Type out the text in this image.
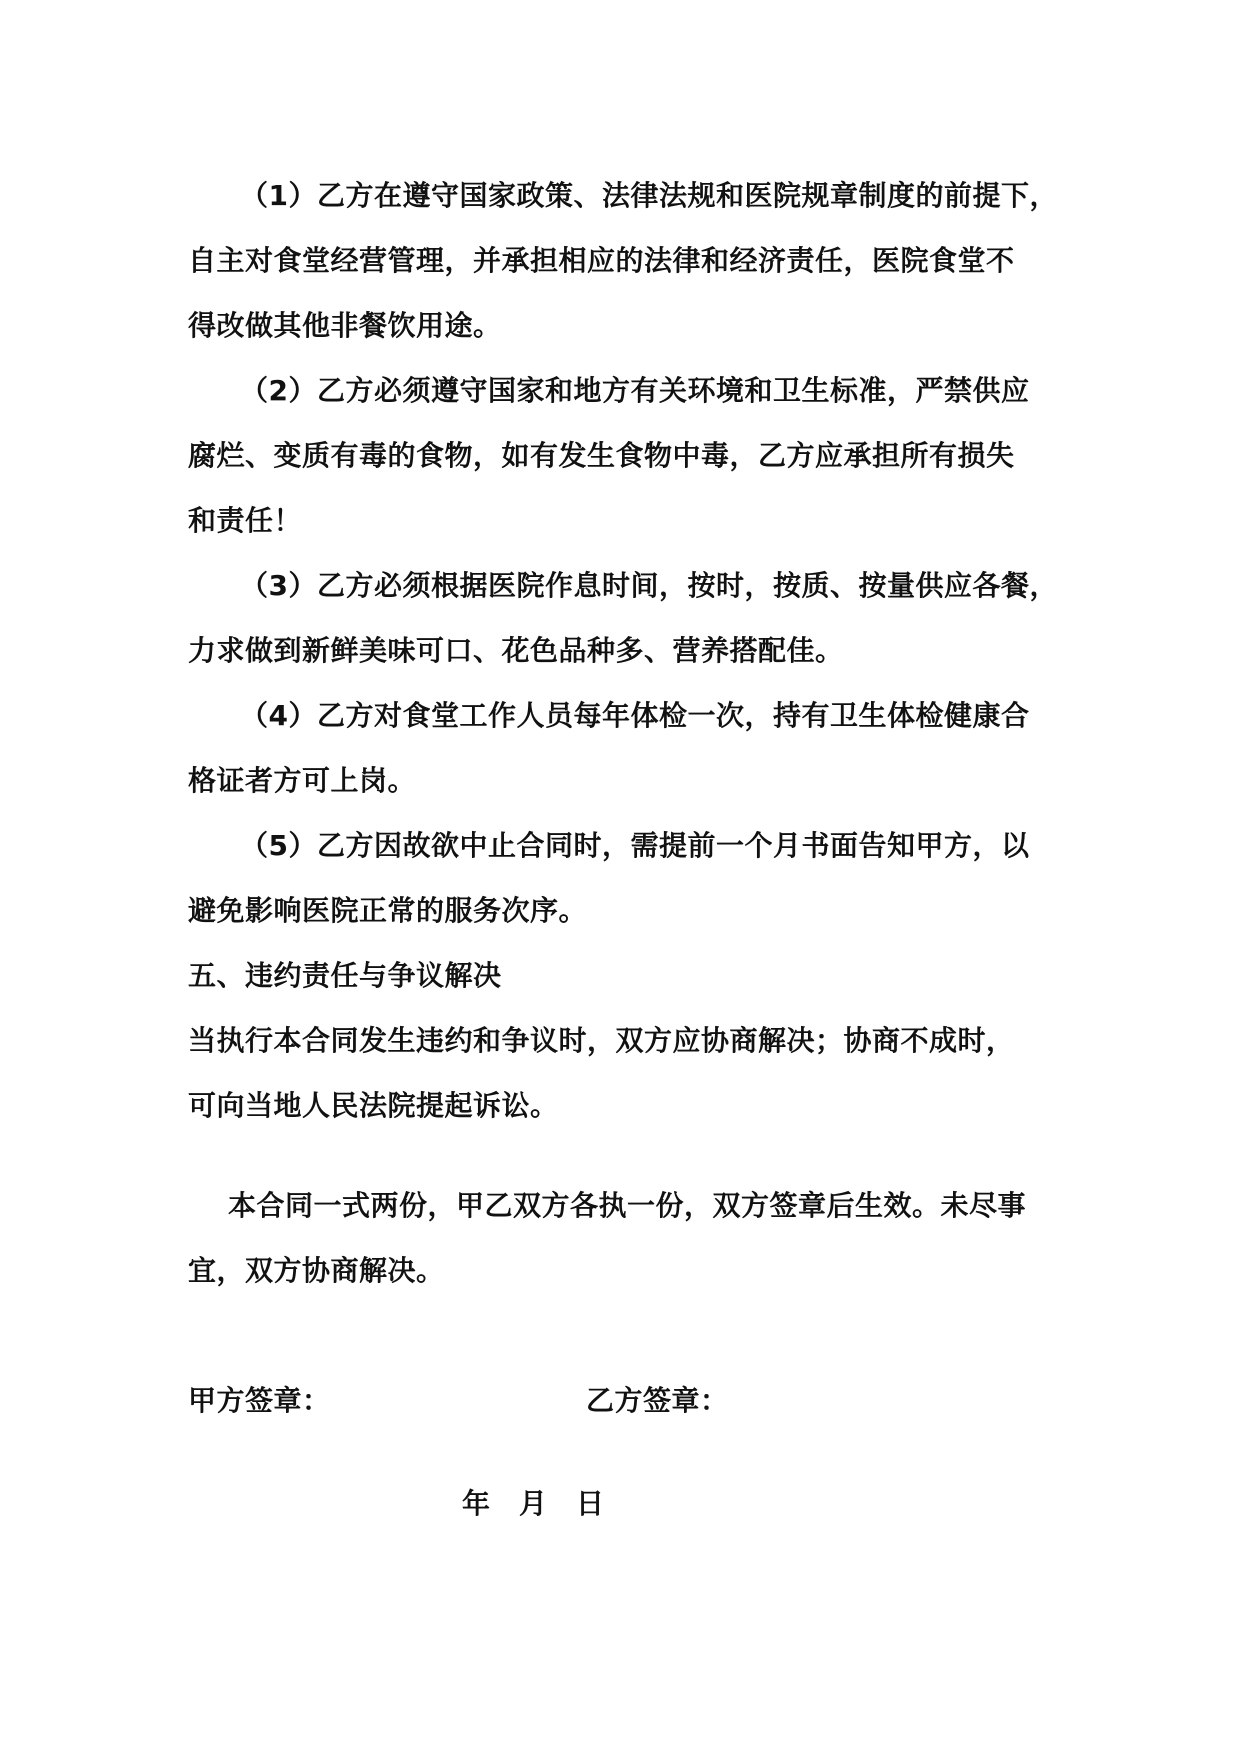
（1）乙方在遵守国家政策、法律法规和医院规章制度的前提下，
自主对食堂经营管理，并承担相应的法律和经济责任，医院食堂不
得改做其他非餐饮用途。
（2）乙方必须遵守国家和地方有关环境和卫生标准，严禁供应
腐烂、变质有毒的食物，如有发生食物中毒，乙方应承担所有损失
和责任！
（3）乙方必须根据医院作息时间，按时，按质、按量供应各餐，
力求做到新鲜美味可口、花色品种多、营养搭配佳。
（4）乙方对食堂工作人员每年体检一次，持有卫生体检健康合
格证者方可上岗。
（5）乙方因故欲中止合同时，需提前一个月书面告知甲方，以
避免影响医院正常的服务次序。
五、违约责任与争议解决
当执行本合同发生违约和争议时，双方应协商解决；协商不成时，
可向当地人民法院提起诉讼。
本合同一式两份，甲乙双方各执一份，双方签章后生效。未尽事
宜，双方协商解决。
甲方签章：	乙方签章：
年　月　日
